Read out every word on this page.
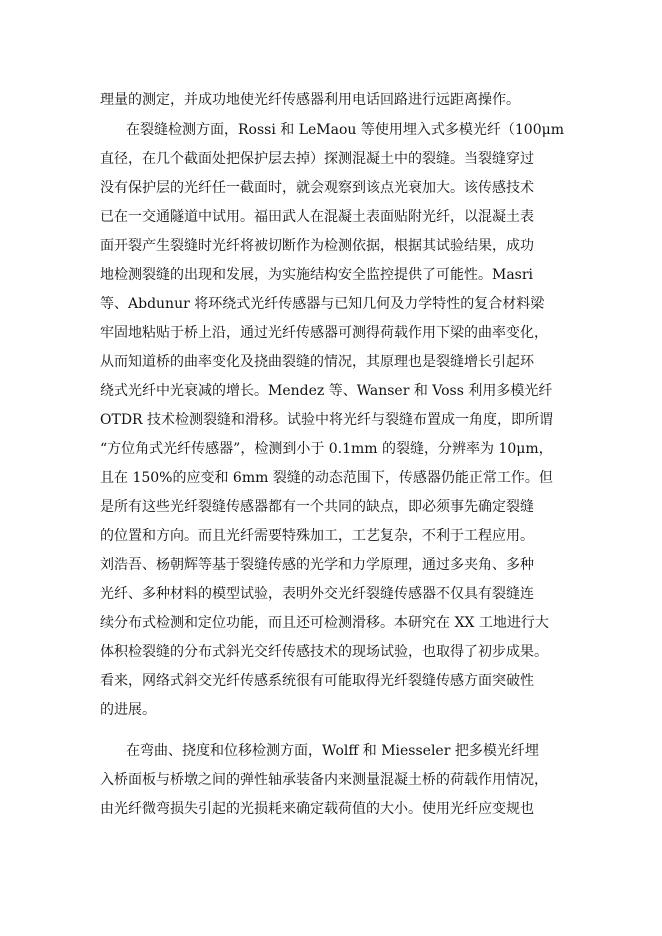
理量的测定，并成功地使光纤传感器利用电话回路进行远距离操作。
在裂缝检测方面，Rossi 和 LeMaou 等使用埋入式多模光纤（100μm
直径，在几个截面处把保护层去掉）探测混凝土中的裂缝。当裂缝穿过
没有保护层的光纤任一截面时，就会观察到该点光衰加大。该传感技术
已在一交通隧道中试用。福田武人在混凝土表面贴附光纤，以混凝土表
面开裂产生裂缝时光纤将被切断作为检测依据，根据其试验结果，成功
地检测裂缝的出现和发展，为实施结构安全监控提供了可能性。Masri
等、Abdunur 将环绕式光纤传感器与已知几何及力学特性的复合材料梁
牢固地粘贴于桥上沿，通过光纤传感器可测得荷载作用下梁的曲率变化，
从而知道桥的曲率变化及挠曲裂缝的情况，其原理也是裂缝增长引起环
绕式光纤中光衰减的增长。Mendez 等、Wanser 和 Voss 利用多模光纤
OTDR 技术检测裂缝和滑移。试验中将光纤与裂缝布置成一角度，即所谓
“方位角式光纤传感器”，检测到小于 0.1mm 的裂缝，分辨率为 10μm，
且在 150%的应变和 6mm 裂缝的动态范围下，传感器仍能正常工作。但
是所有这些光纤裂缝传感器都有一个共同的缺点，即必须事先确定裂缝
的位置和方向。而且光纤需要特殊加工，工艺复杂，不利于工程应用。
刘浩吾、杨朝辉等基于裂缝传感的光学和力学原理，通过多夹角、多种
光纤、多种材料的模型试验，表明外交光纤裂缝传感器不仅具有裂缝连
续分布式检测和定位功能，而且还可检测滑移。本研究在 XX 工地进行大
体积检裂缝的分布式斜光交纤传感技术的现场试验，也取得了初步成果。
看来，网络式斜交光纤传感系统很有可能取得光纤裂缝传感方面突破性
的进展。
在弯曲、挠度和位移检测方面，Wolff 和 Miesseler 把多模光纤埋
入桥面板与桥墩之间的弹性轴承装备内来测量混凝土桥的荷载作用情况，
由光纤微弯损失引起的光损耗来确定载荷值的大小。使用光纤应变规也
